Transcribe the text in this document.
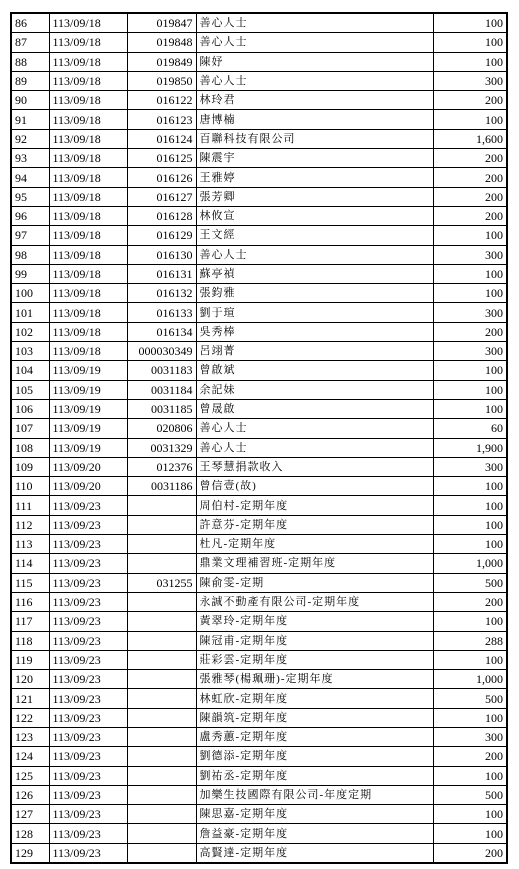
86	113/09/18	019847	善心人士	100
87	113/09/18	019848	善心人士	100
88	113/09/18	019849	陳妤	100
89	113/09/18	019850	善心人士	300
90	113/09/18	016122	林玲君	200
91	113/09/18	016123	唐博楠	100
92	113/09/18	016124	百聯科技有限公司	1,600
93	113/09/18	016125	陳震宇	200
94	113/09/18	016126	王雅婷	200
95	113/09/18	016127	張芳卿	200
96	113/09/18	016128	林攸宣	200
97	113/09/18	016129	王文經	100
98	113/09/18	016130	善心人士	300
99	113/09/18	016131	蘇亭禎	100
100	113/09/18	016132	張鈞雅	100
101	113/09/18	016133	劉于瑄	300
102	113/09/18	016134	吳秀棒	200
103	113/09/18	000030349	呂翊菁	300
104	113/09/19	0031183	曾啟斌	100
105	113/09/19	0031184	余記妹	100
106	113/09/19	0031185	曾晟啟	100
107	113/09/19	020806	善心人士	60
108	113/09/19	0031329	善心人士	1,900
109	113/09/20	012376	王琴慧捐款收入	300
110	113/09/20	0031186	曾信壹(故)	100
111	113/09/23		周伯村-定期年度	100
112	113/09/23		許意芬-定期年度	100
113	113/09/23		杜凡-定期年度	100
114	113/09/23		鼎業文理補習班-定期年度	1,000
115	113/09/23	031255	陳俞雯-定期	500
116	113/09/23		永誠不動產有限公司-定期年度	200
117	113/09/23		黃翠玲-定期年度	100
118	113/09/23		陳冠甫-定期年度	288
119	113/09/23		莊彩雲-定期年度	100
120	113/09/23		張雅琴(楊珮珊)-定期年度	1,000
121	113/09/23		林虹欣-定期年度	500
122	113/09/23		陳韻筑-定期年度	100
123	113/09/23		盧秀蕙-定期年度	300
124	113/09/23		劉德添-定期年度	200
125	113/09/23		劉祐丞-定期年度	100
126	113/09/23		加樂生技國際有限公司-年度定期	500
127	113/09/23		陳思嘉-定期年度	100
128	113/09/23		詹益豪-定期年度	100
129	113/09/23		高賢達-定期年度	200
